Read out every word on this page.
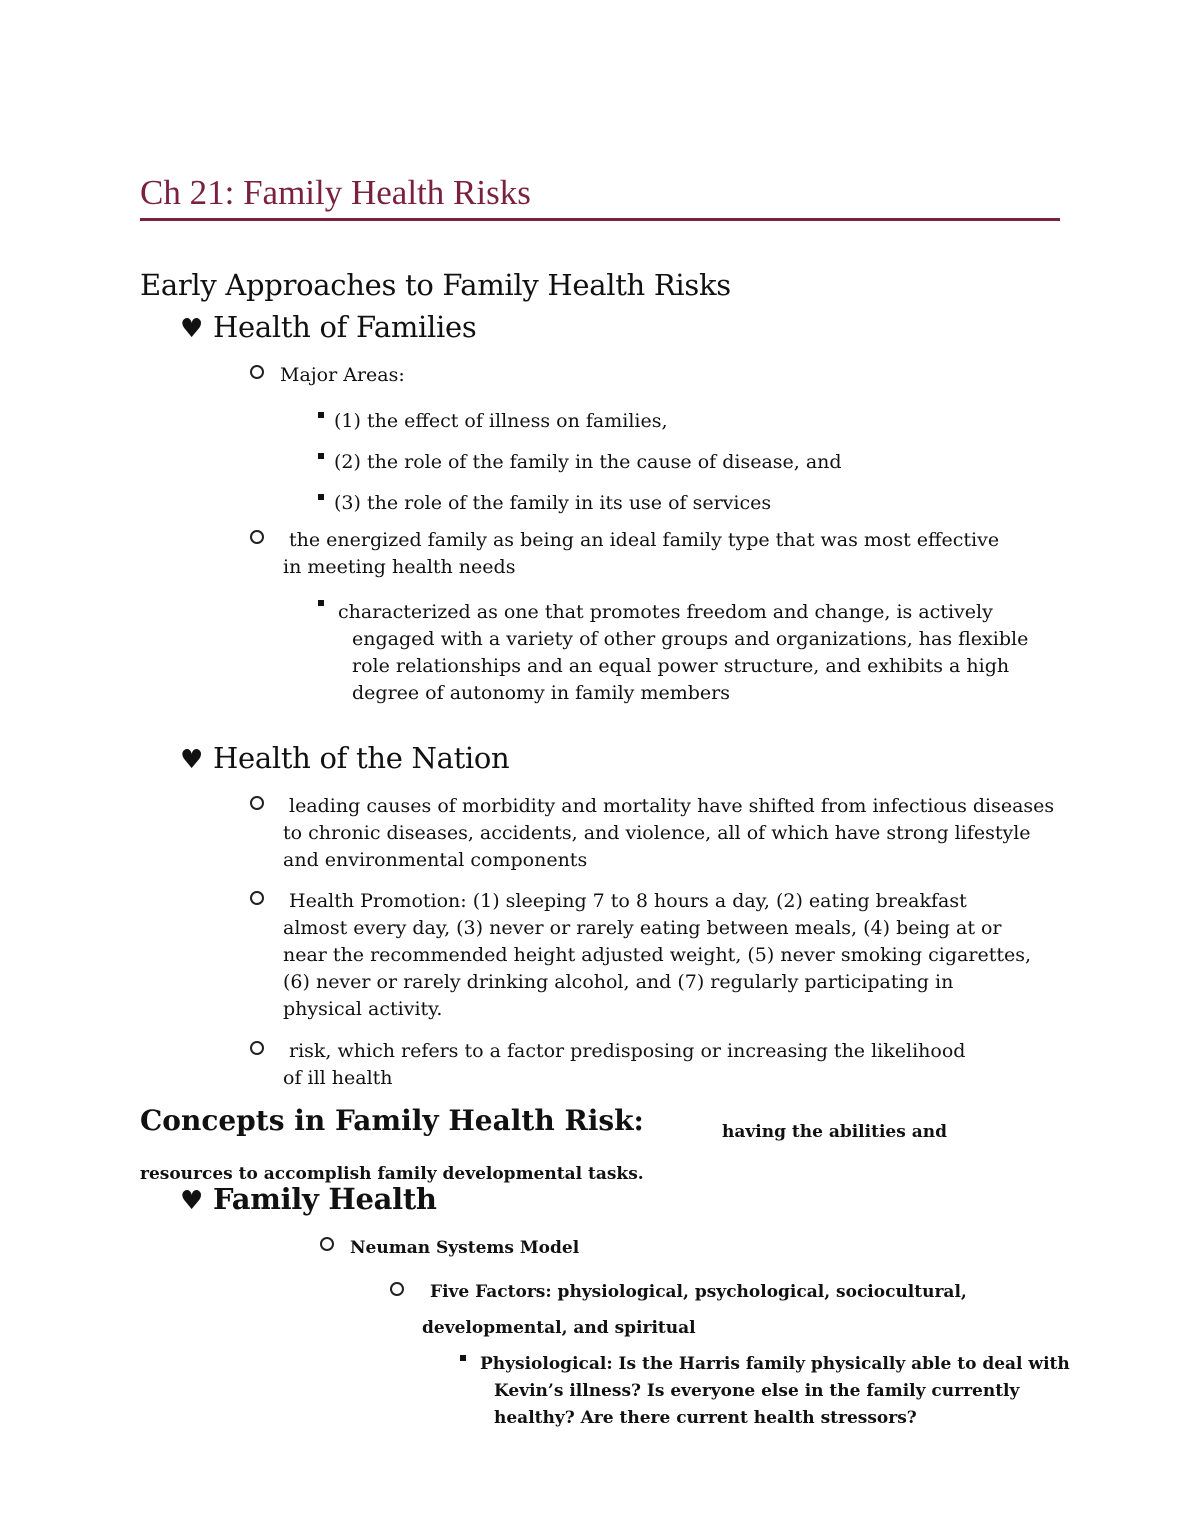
Ch 21: Family Health Risks
Early Approaches to Family Health Risks
♥ Health of Families
Major Areas:
(1) the effect of illness on families,
(2) the role of the family in the cause of disease, and
(3) the role of the family in its use of services
the energized family as being an ideal family type that was most effective in meeting health needs
characterized as one that promotes freedom and change, is actively engaged with a variety of other groups and organizations, has flexible role relationships and an equal power structure, and exhibits a high degree of autonomy in family members
♥ Health of the Nation
leading causes of morbidity and mortality have shifted from infectious diseases to chronic diseases, accidents, and violence, all of which have strong lifestyle and environmental components
Health Promotion: (1) sleeping 7 to 8 hours a day, (2) eating breakfast almost every day, (3) never or rarely eating between meals, (4) being at or near the recommended height adjusted weight, (5) never smoking cigarettes, (6) never or rarely drinking alcohol, and (7) regularly participating in physical activity.
risk, which refers to a factor predisposing or increasing the likelihood of ill health
Concepts in Family Health Risk:	having the abilities and resources to accomplish family developmental tasks.
♥ Family Health
Neuman Systems Model
Five Factors: physiological, psychological, sociocultural, developmental, and spiritual
Physiological: Is the Harris family physically able to deal with Kevin’s illness? Is everyone else in the family currently healthy? Are there current health stressors?
